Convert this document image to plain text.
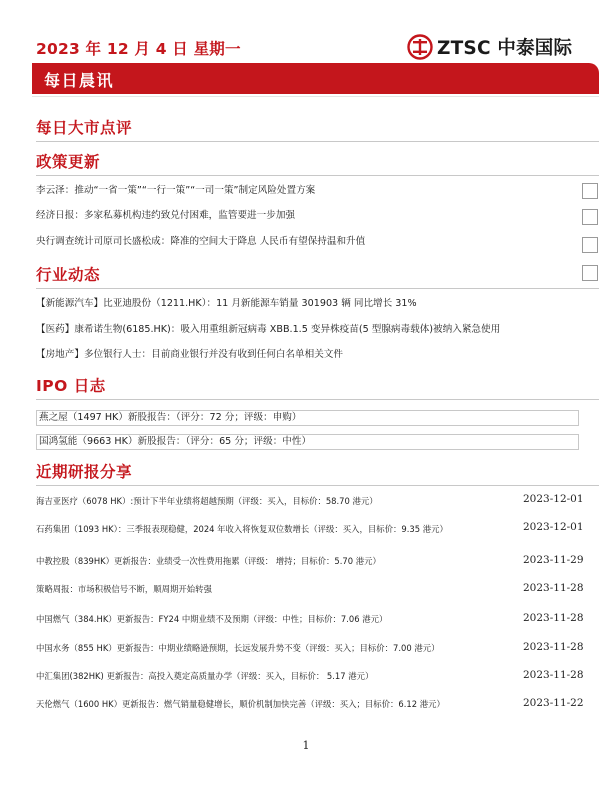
2023 年 12 月 4 日 星期一	ZTSC 中泰国际
每日晨讯
每日大市点评
政策更新
李云泽：推动“一省一策”“一行一策”“一司一策”制定风险处置方案
经济日报：多家私募机构违约致兑付困难，监管要进一步加强
央行调查统计司原司长盛松成：降准的空间大于降息 人民币有望保持温和升值
行业动态
【新能源汽车】比亚迪股份（1211.HK）：11 月新能源车销量 301903 辆 同比增长 31%
【医药】康希诺生物(6185.HK)：吸入用重组新冠病毒 XBB.1.5 变异株疫苗(5 型腺病毒载体)被纳入紧急使用
【房地产】多位银行人士：目前商业银行并没有收到任何白名单相关文件
IPO 日志
燕之屋（1497 HK）新股报告：（评分：72 分；评级：申购）
国鸿氢能（9663 HK）新股报告：（评分：65 分；评级：中性）
近期研报分享
海吉亚医疗（6078 HK）:预计下半年业绩将超越预期（评级：买入，目标价：58.70 港元）	2023-12-01
石药集团（1093 HK）：三季报表现稳健，2024 年收入将恢复双位数增长（评级：买入，目标价：9.35 港元）	2023-12-01
中教控股（839HK）更新报告：业绩受一次性费用拖累（评级： 增持；目标价：5.70 港元）	2023-11-29
策略周报：市场积极信号不断，顺周期开始转强	2023-11-28
中国燃气（384.HK）更新报告：FY24 中期业绩不及预期（评级：中性；目标价：7.06 港元）	2023-11-28
中国水务（855 HK）更新报告：中期业绩略逊预期，长远发展升势不变（评级：买入；目标价：7.00 港元）	2023-11-28
中汇集团(382HK) 更新报告：高投入奠定高质量办学（评级：买入，目标价： 5.17 港元）	2023-11-28
天伦燃气（1600 HK）更新报告：燃气销量稳健增长，顺价机制加快完善（评级：买入；目标价：6.12 港元）	2023-11-22
1
